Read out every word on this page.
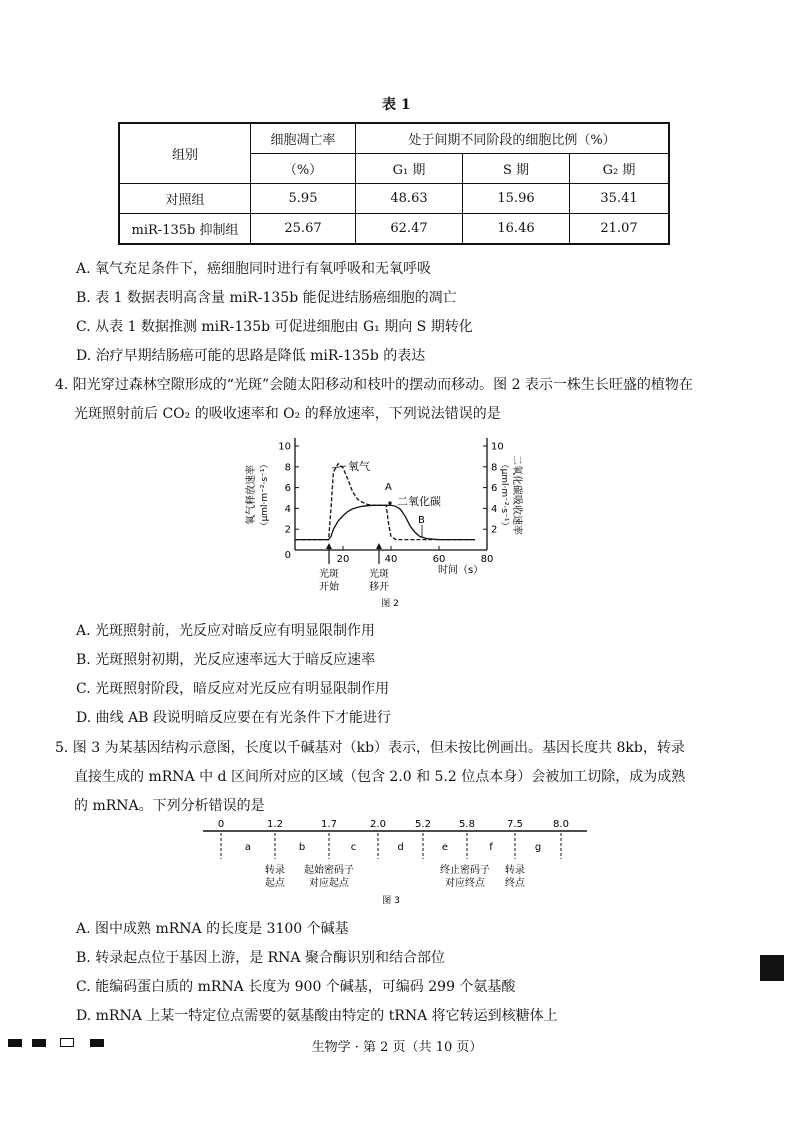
表 1
组别	细胞凋亡率	处于间期不同阶段的细胞比例（%）		
	（%）	G₁ 期	S 期	G₂ 期
对照组	5.95	48.63	15.96	35.41
miR-135b 抑制组	25.67	62.47	16.46	21.07
A. 氧气充足条件下，癌细胞同时进行有氧呼吸和无氧呼吸
B. 表 1 数据表明高含量 miR-135b 能促进结肠癌细胞的凋亡
C. 从表 1 数据推测 miR-135b 可促进细胞由 G₁ 期向 S 期转化
D. 治疗早期结肠癌可能的思路是降低 miR-135b 的表达
4. 阳光穿过森林空隙形成的“光斑”会随太阳移动和枝叶的摆动而移动。图 2 表示一株生长旺盛的植物在
光斑照射前后 CO₂ 的吸收速率和 O₂ 的释放速率，下列说法错误的是
2
4
6
8
10
2
4
6
8
10
20	40	60	80
0
氧气释放速率 （μml·m⁻²·s⁻¹）	二氧化碳吸收速率
（μml·m⁻²·s⁻¹）
时间（s）
氧气
A
二氧化碳
B
光斑
开始
光斑
移开
图 2
A. 光斑照射前，光反应对暗反应有明显限制作用
B. 光斑照射初期，光反应速率远大于暗反应速率
C. 光斑照射阶段，暗反应对光反应有明显限制作用
D. 曲线 AB 段说明暗反应要在有光条件下才能进行
5. 图 3 为某基因结构示意图，长度以千碱基对（kb）表示，但未按比例画出。基因长度共 8kb，转录
直接生成的 mRNA 中 d 区间所对应的区域（包含 2.0 和 5.2 位点本身）会被加工切除，成为成熟
的 mRNA。下列分析错误的是
0	1.2	1.7	2.0	5.2	5.8	7.5	8.0
a	b	c	d	e	f	g
转录
起点
起始密码子
对应起点
终止密码子
对应终点
转录
终点
图 3
A. 图中成熟 mRNA 的长度是 3100 个碱基
B. 转录起点位于基因上游，是 RNA 聚合酶识别和结合部位
C. 能编码蛋白质的 mRNA 长度为 900 个碱基，可编码 299 个氨基酸
D. mRNA 上某一特定位点需要的氨基酸由特定的 tRNA 将它转运到核糖体上
生物学 · 第 2 页（共 10 页）
